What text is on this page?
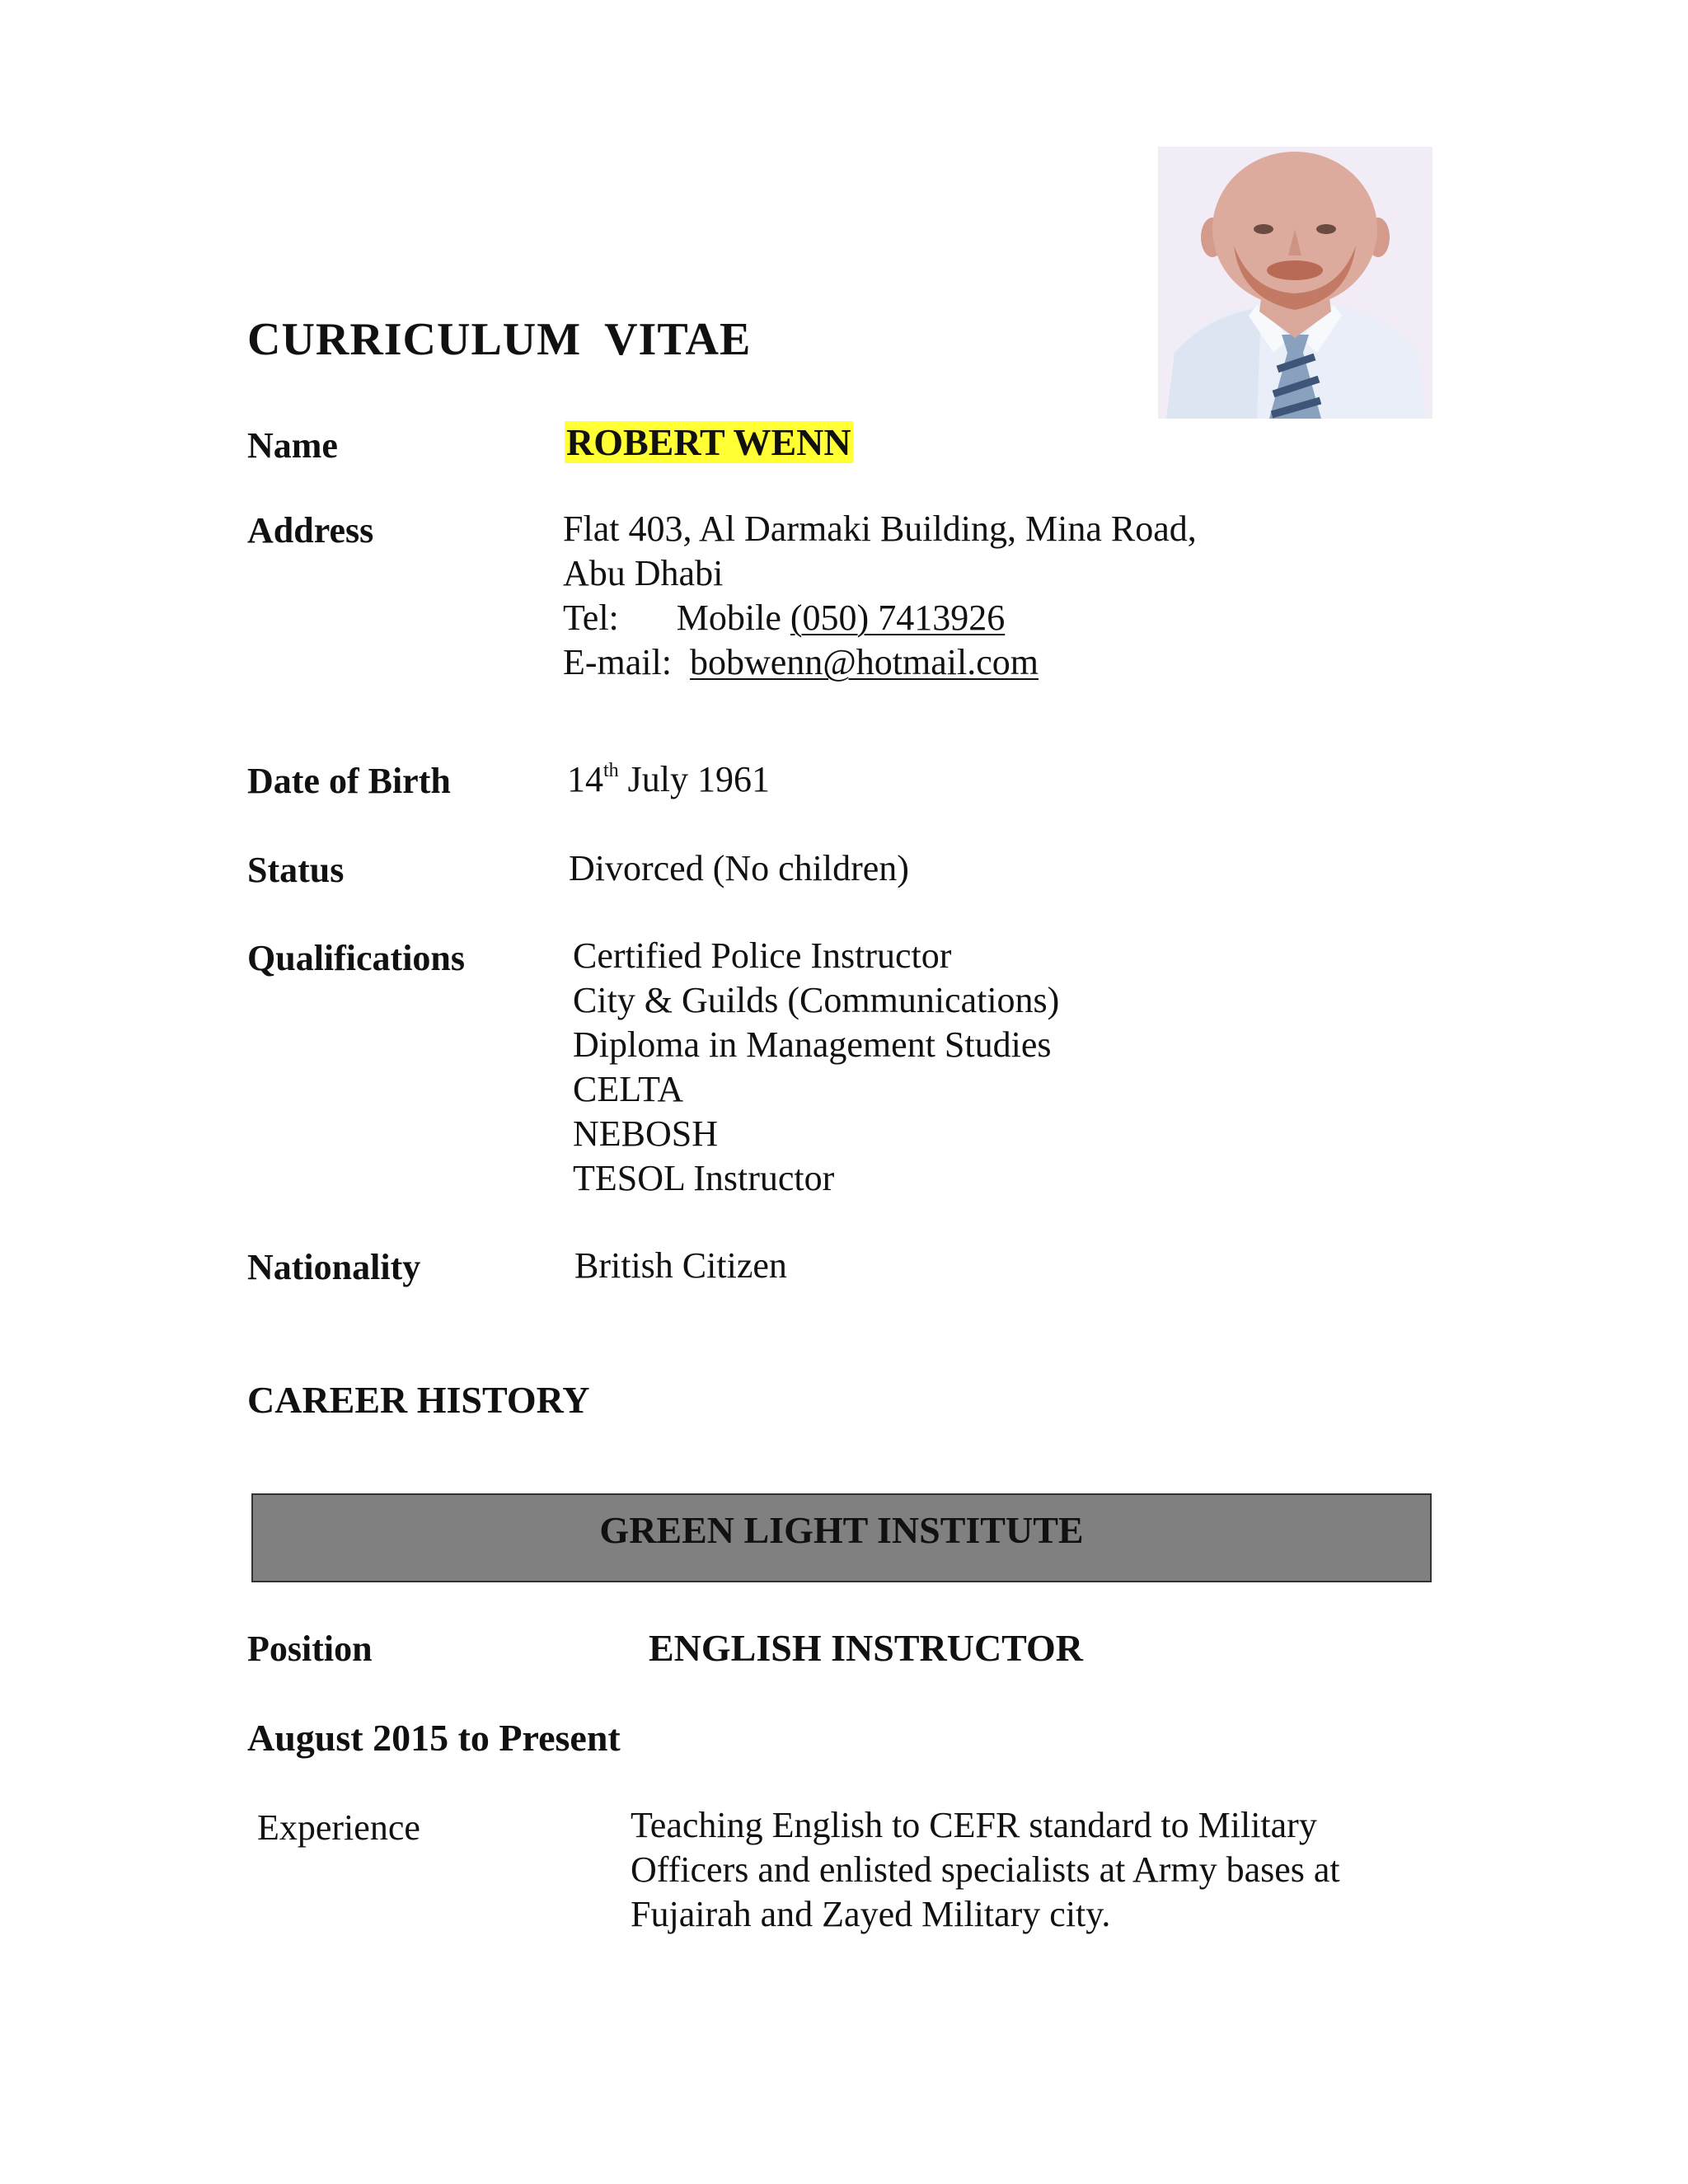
CURRICULUM VITAE
Name	ROBERT WENN
Address	Flat 403, Al Darmaki Building, Mina Road,
Abu Dhabi
Tel: Mobile (050) 7413926
E-mail: bobwenn@hotmail.com
Date of Birth	14th July 1961
Status	Divorced (No children)
Qualifications	Certified Police Instructor
City & Guilds (Communications)
Diploma in Management Studies
CELTA
NEBOSH
TESOL Instructor
Nationality	British Citizen
CAREER HISTORY
GREEN LIGHT INSTITUTE
Position	ENGLISH INSTRUCTOR
August 2015 to Present
Experience	Teaching English to CEFR standard to Military
Officers and enlisted specialists at Army bases at
Fujairah and Zayed Military city.
